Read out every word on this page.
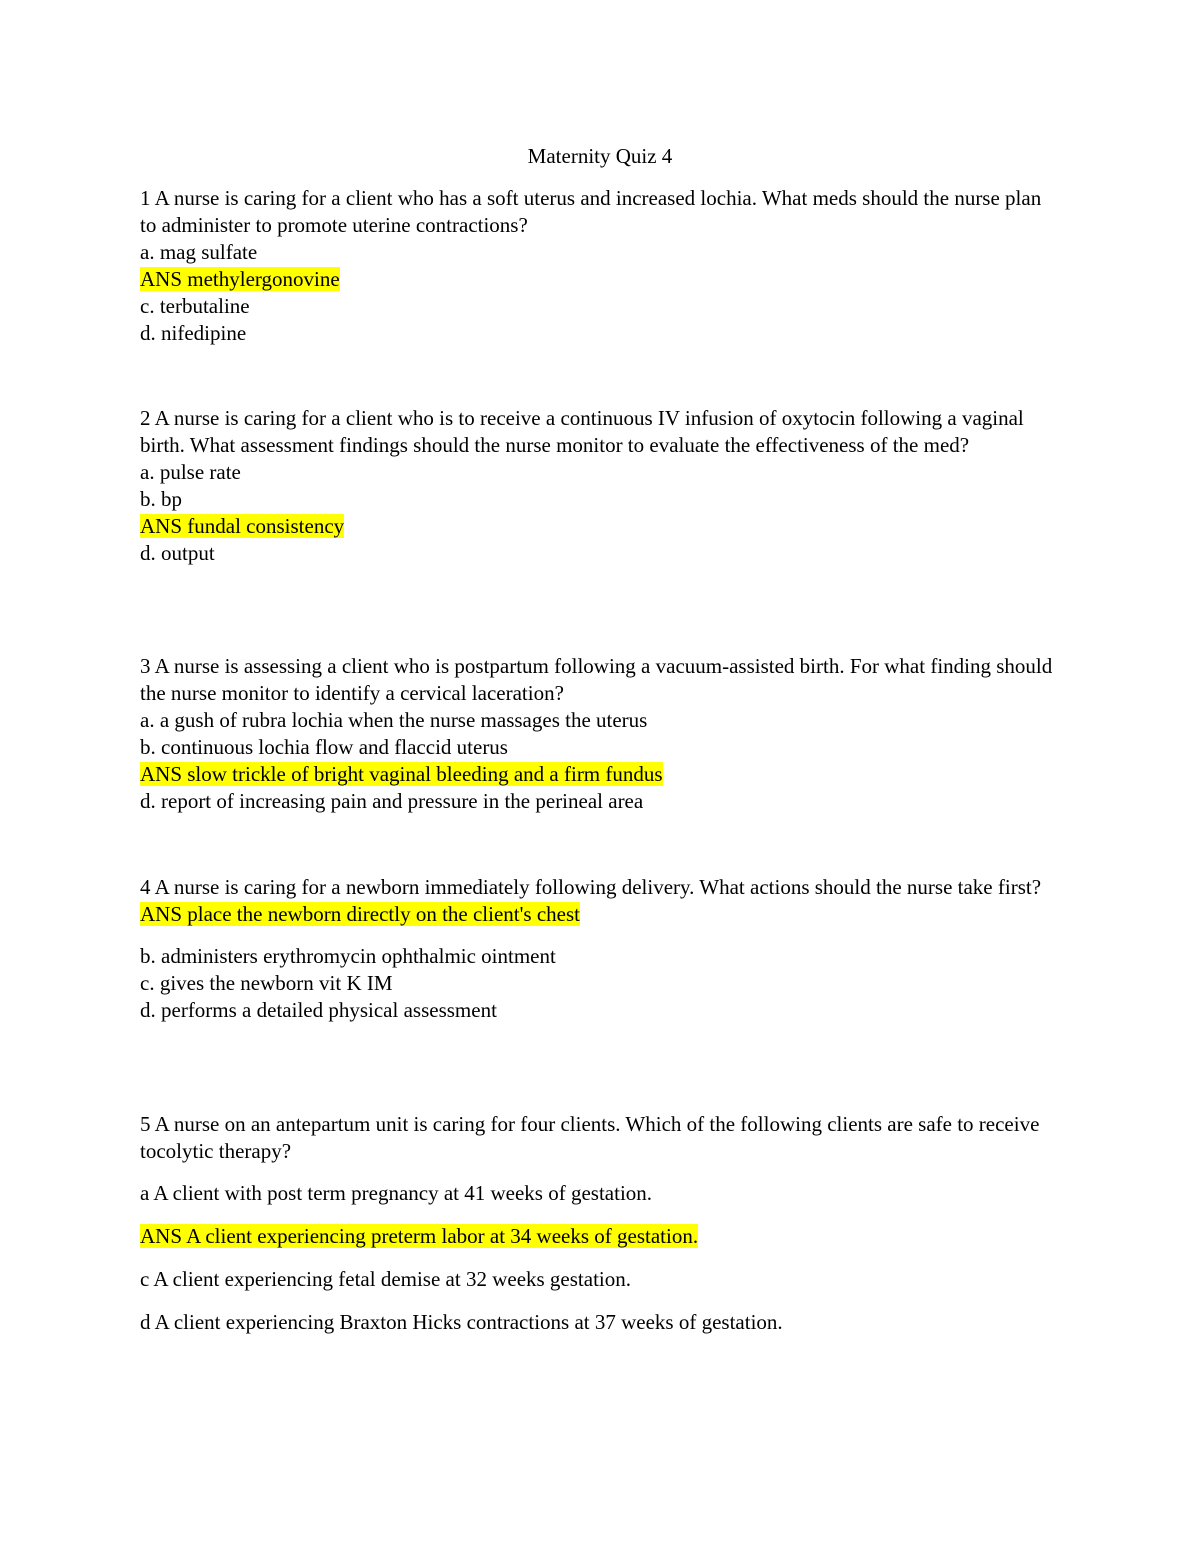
Maternity Quiz 4

1 A nurse is caring for a client who has a soft uterus and increased lochia. What meds should the nurse plan to administer to promote uterine contractions?

a. mag sulfate

ANS methylergonovine

c. terbutaline

d. nifedipine

2 A nurse is caring for a client who is to receive a continuous IV infusion of oxytocin following a vaginal birth. What assessment findings should the nurse monitor to evaluate the effectiveness of the med?

a. pulse rate

b. bp

ANS fundal consistency

d. output

3 A nurse is assessing a client who is postpartum following a vacuum-assisted birth. For what finding should the nurse monitor to identify a cervical laceration?

a. a gush of rubra lochia when the nurse massages the uterus

b. continuous lochia flow and flaccid uterus

ANS slow trickle of bright vaginal bleeding and a firm fundus

d. report of increasing pain and pressure in the perineal area

4 A nurse is caring for a newborn immediately following delivery. What actions should the nurse take first?

ANS place the newborn directly on the client's chest

b. administers erythromycin ophthalmic ointment

c. gives the newborn vit K IM

d. performs a detailed physical assessment

5 A nurse on an antepartum unit is caring for four clients. Which of the following clients are safe to receive tocolytic therapy?

a A client with post term pregnancy at 41 weeks of gestation.

ANS A client experiencing preterm labor at 34 weeks of gestation.

c A client experiencing fetal demise at 32 weeks gestation.

d A client experiencing Braxton Hicks contractions at 37 weeks of gestation.
